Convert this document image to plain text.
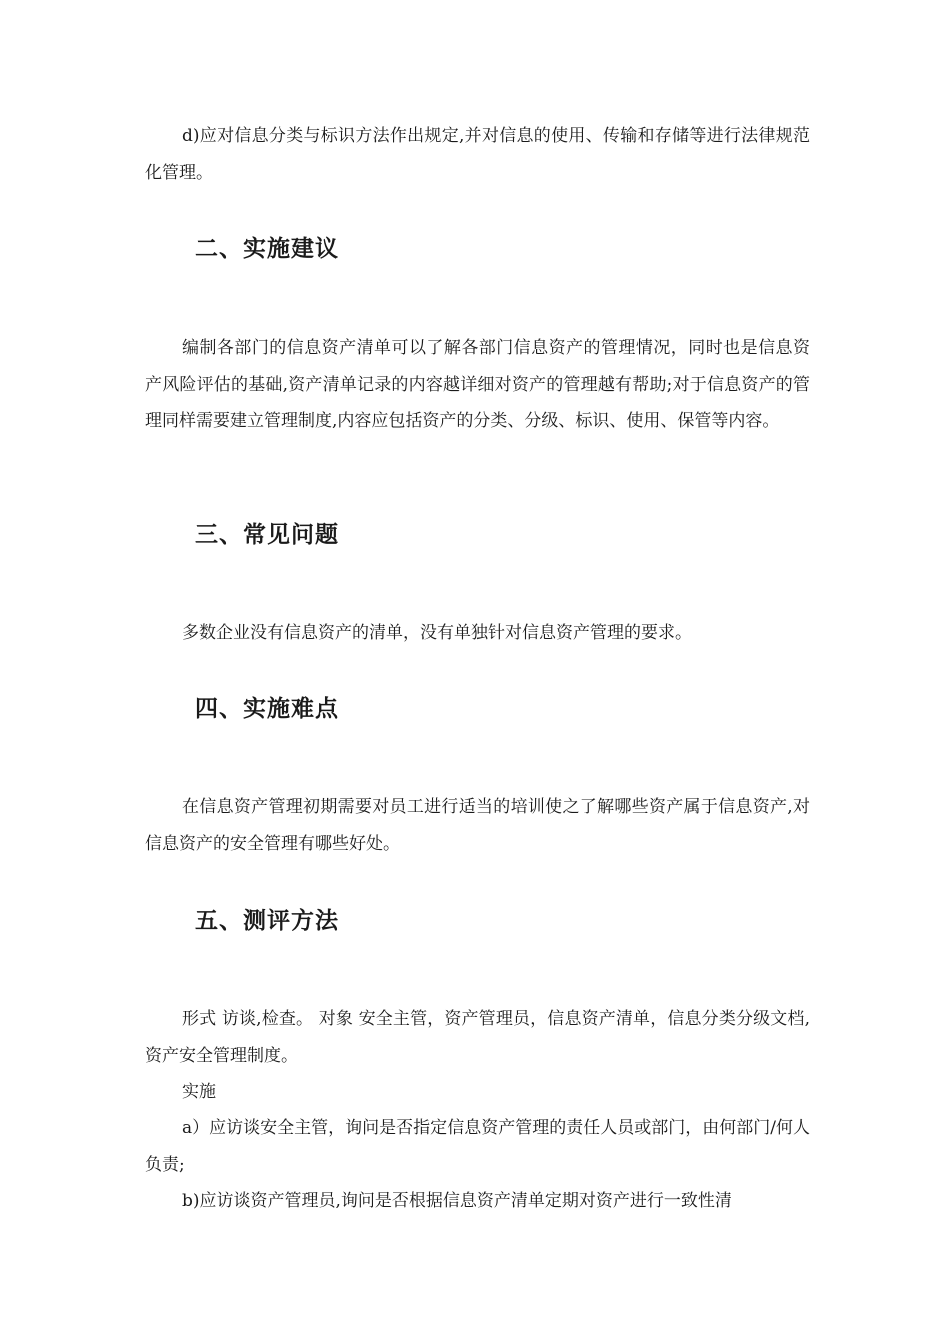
d)应对信息分类与标识方法作出规定,并对信息的使用、传输和存储等进行法律规范化管理。

二、实施建议

编制各部门的信息资产清单可以了解各部门信息资产的管理情况，同时也是信息资产风险评估的基础,资产清单记录的内容越详细对资产的管理越有帮助;对于信息资产的管理同样需要建立管理制度,内容应包括资产的分类、分级、标识、使用、保管等内容。

三、常见问题

多数企业没有信息资产的清单，没有单独针对信息资产管理的要求。

四、实施难点

在信息资产管理初期需要对员工进行适当的培训使之了解哪些资产属于信息资产,对信息资产的安全管理有哪些好处。

五、测评方法

形式 访谈,检查。 对象 安全主管，资产管理员，信息资产清单，信息分类分级文档,资产安全管理制度。

实施

a）应访谈安全主管，询问是否指定信息资产管理的责任人员或部门，由何部门/何人负责;

b)应访谈资产管理员,询问是否根据信息资产清单定期对资产进行一致性清
